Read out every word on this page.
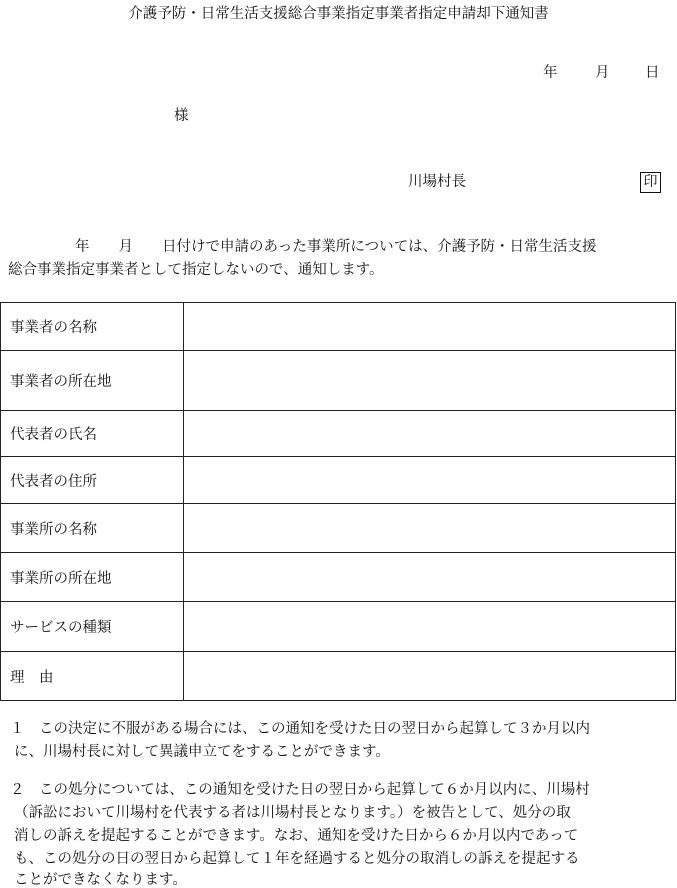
介護予防・日常生活支援総合事業指定事業者指定申請却下通知書
年	月 日
様
川場村長	印
年　　月　　日付けで申請のあった事業所については、介護予防・日常生活支援
総合事業指定事業者として指定しないので、通知します。
事業者の名称	
事業者の所在地	
代表者の氏名	
代表者の住所	
事業所の名称	
事業所の所在地	
サービスの種類	
理　由	
１　この決定に不服がある場合には、この通知を受けた日の翌日から起算して３か月以内
に、川場村長に対して異議申立てをすることができます。
２　この処分については、この通知を受けた日の翌日から起算して６か月以内に、川場村
（訴訟において川場村を代表する者は川場村長となります。）を被告として、処分の取
消しの訴えを提起することができます。なお、通知を受けた日から６か月以内であって
も、この処分の日の翌日から起算して１年を経過すると処分の取消しの訴えを提起する
ことができなくなります。
